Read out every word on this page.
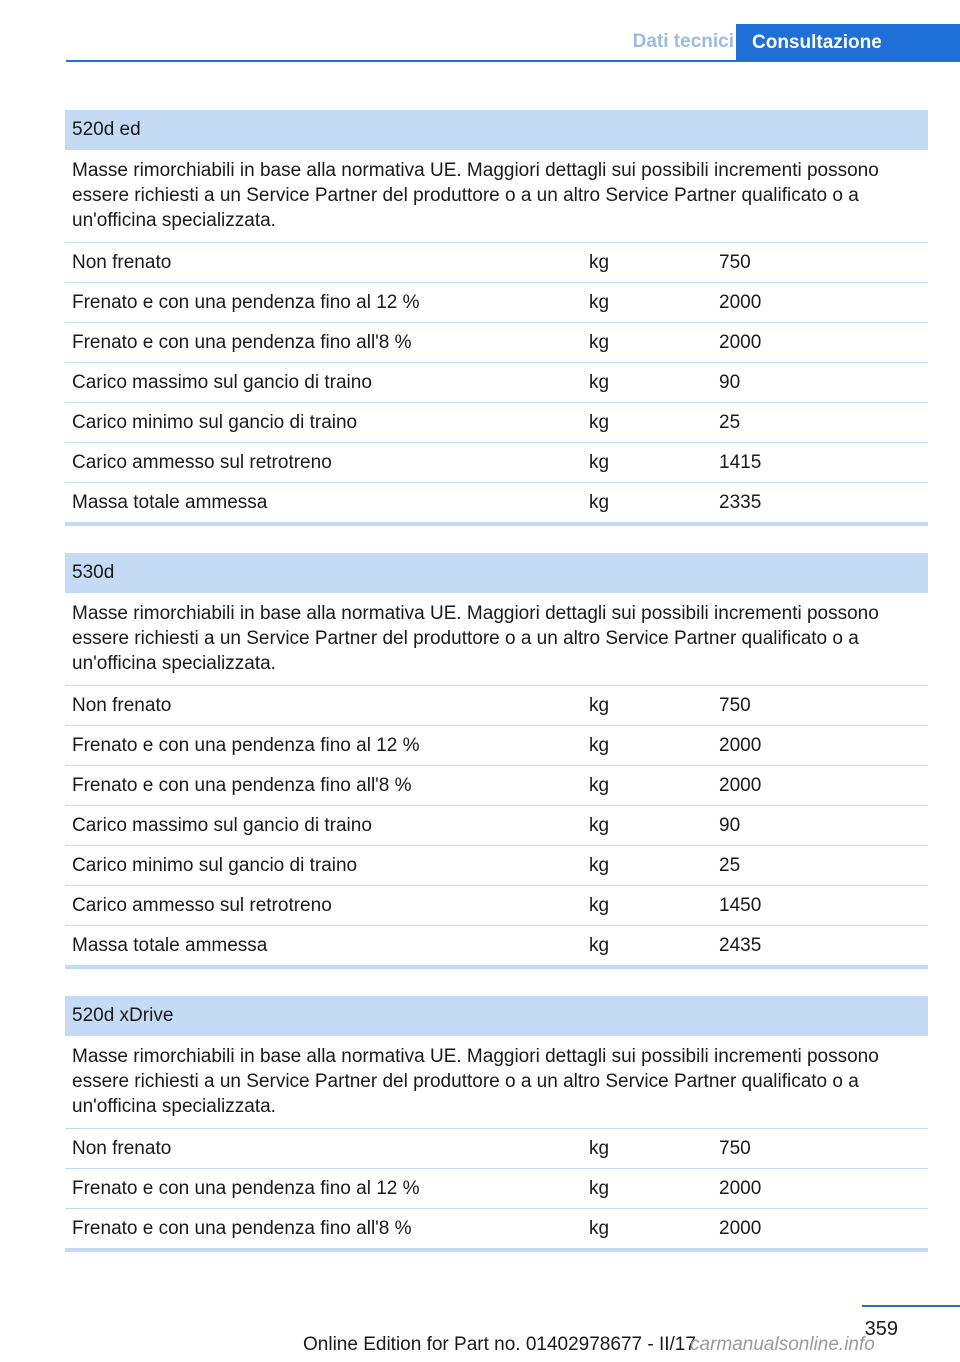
Dati tecnici Consultazione
520d ed
Masse rimorchiabili in base alla normativa UE. Maggiori dettagli sui possibili incrementi possono essere richiesti a un Service Partner del produttore o a un altro Service Partner qualificato o a un'officina specializzata.
Non frenato	kg	750
Frenato e con una pendenza fino al 12 %	kg	2000
Frenato e con una pendenza fino all'8 %	kg	2000
Carico massimo sul gancio di traino	kg	90
Carico minimo sul gancio di traino	kg	25
Carico ammesso sul retrotreno	kg	1415
Massa totale ammessa	kg	2335
530d
Masse rimorchiabili in base alla normativa UE. Maggiori dettagli sui possibili incrementi possono essere richiesti a un Service Partner del produttore o a un altro Service Partner qualificato o a un'officina specializzata.
Non frenato	kg	750
Frenato e con una pendenza fino al 12 %	kg	2000
Frenato e con una pendenza fino all'8 %	kg	2000
Carico massimo sul gancio di traino	kg	90
Carico minimo sul gancio di traino	kg	25
Carico ammesso sul retrotreno	kg	1450
Massa totale ammessa	kg	2435
520d xDrive
Masse rimorchiabili in base alla normativa UE. Maggiori dettagli sui possibili incrementi possono essere richiesti a un Service Partner del produttore o a un altro Service Partner qualificato o a un'officina specializzata.
Non frenato	kg	750
Frenato e con una pendenza fino al 12 %	kg	2000
Frenato e con una pendenza fino all'8 %	kg	2000
359
Online Edition for Part no. 01402978677 - II/17
carmanualsonline.info
